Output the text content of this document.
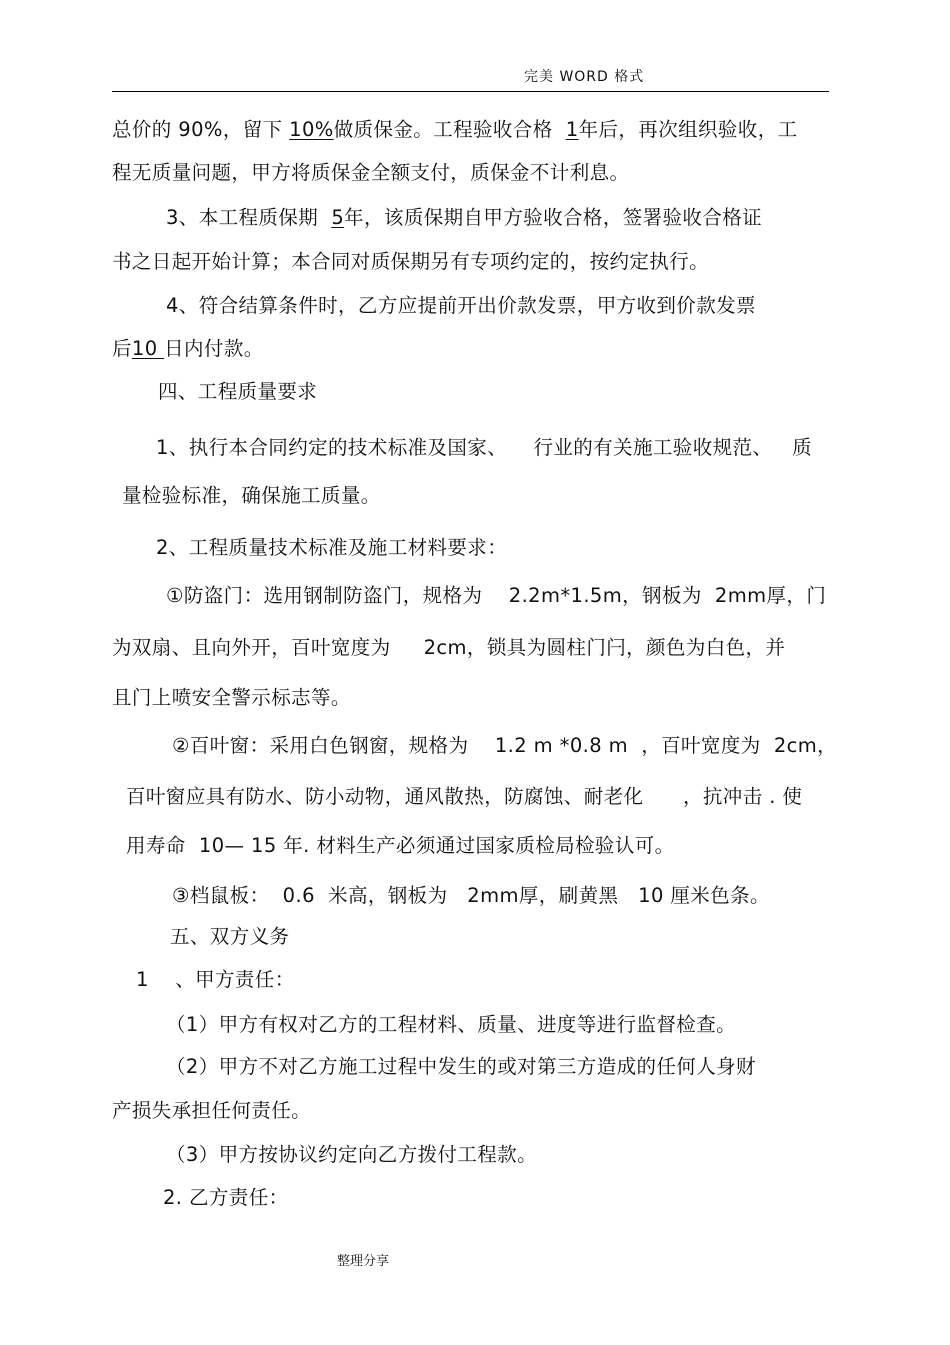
完美 WORD 格式
总价的 90%，留下 10%做质保金。工程验收合格  1年后，再次组织验收，工
程无质量问题，甲方将质保金全额支付，质保金不计利息。
3、本工程质保期  5年，该质保期自甲方验收合格，签署验收合格证
书之日起开始计算；本合同对质保期另有专项约定的，按约定执行。
4、符合结算条件时，乙方应提前开出价款发票，甲方收到价款发票
后10 日内付款。
四、工程质量要求
1、执行本合同约定的技术标准及国家、    行业的有关施工验收规范、   质
量检验标准，确保施工质量。
2、工程质量技术标准及施工材料要求：
①防盗门：选用钢制防盗门，规格为    2.2m*1.5m，钢板为  2mm厚，门
为双扇、且向外开，百叶宽度为     2cm，锁具为圆柱门闩，颜色为白色，并
且门上喷安全警示标志等。
②百叶窗：采用白色钢窗，规格为    1.2 m *0.8 m  ，百叶宽度为  2cm，
百叶窗应具有防水、防小动物，通风散热，防腐蚀、耐老化      ，抗冲击 . 使
用寿命  10— 15 年. 材料生产必须通过国家质检局检验认可。
③档鼠板：  0.6  米高，钢板为   2mm厚，刷黄黑   10 厘米色条。
五、双方义务
1    、甲方责任：
（1）甲方有权对乙方的工程材料、质量、进度等进行监督检查。
（2）甲方不对乙方施工过程中发生的或对第三方造成的任何人身财
产损失承担任何责任。
（3）甲方按协议约定向乙方拨付工程款。
2. 乙方责任：
整理分享
